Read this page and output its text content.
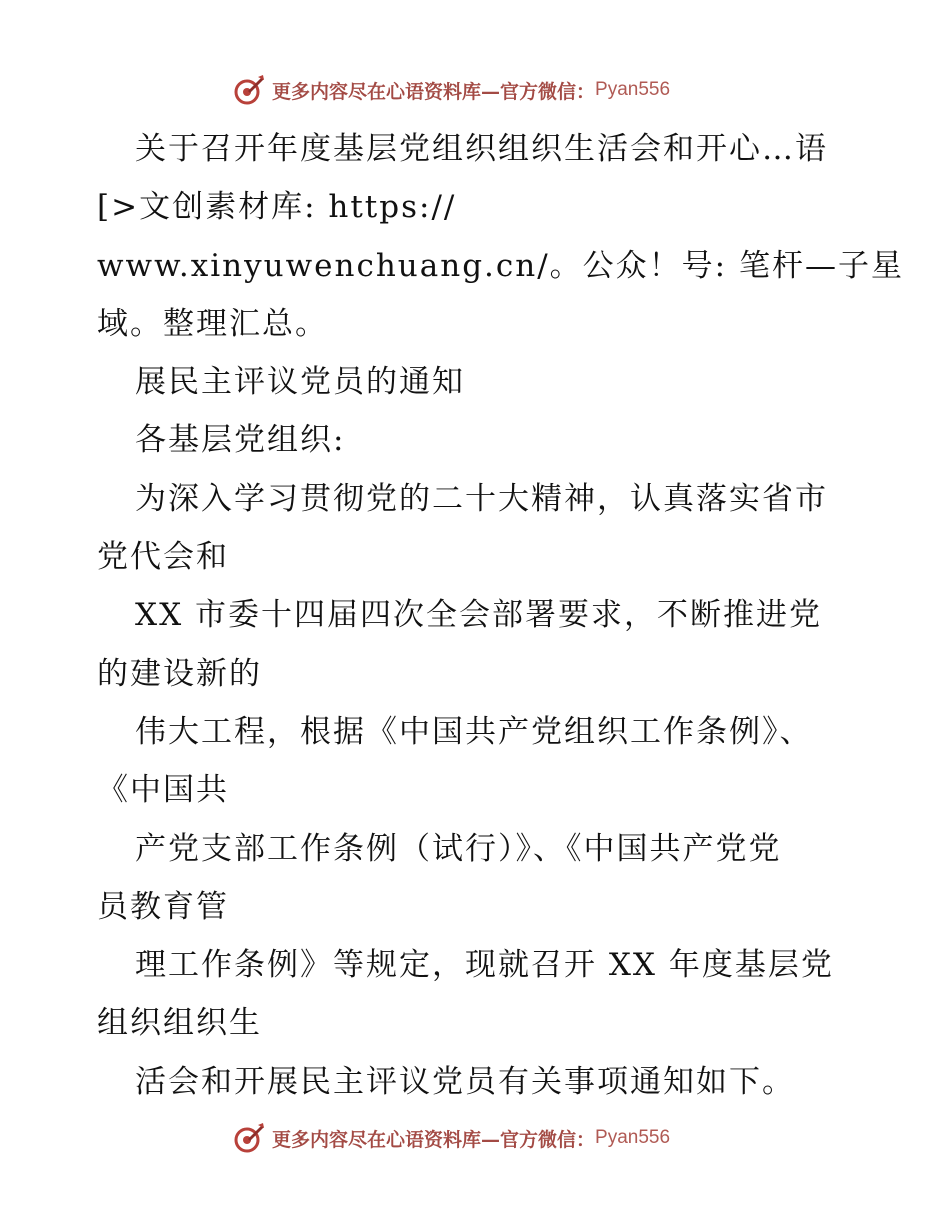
更多内容尽在心语资料库—官方微信： Pyan556
关于召开年度基层党组织组织生活会和开心…语
[>文创素材库: https://
www.xinyuwenchuang.cn/。公众！号: 笔杆—子星
域。整理汇总。
展民主评议党员的通知
各基层党组织:
为深入学习贯彻党的二十大精神，认真落实省市
党代会和
XX 市委十四届四次全会部署要求，不断推进党
的建设新的
伟大工程，根据《中国共产党组织工作条例》、
《中国共
产党支部工作条例（试行）》、《中国共产党党
员教育管
理工作条例》等规定，现就召开 XX 年度基层党
组织组织生
活会和开展民主评议党员有关事项通知如下。
更多内容尽在心语资料库—官方微信： Pyan556
